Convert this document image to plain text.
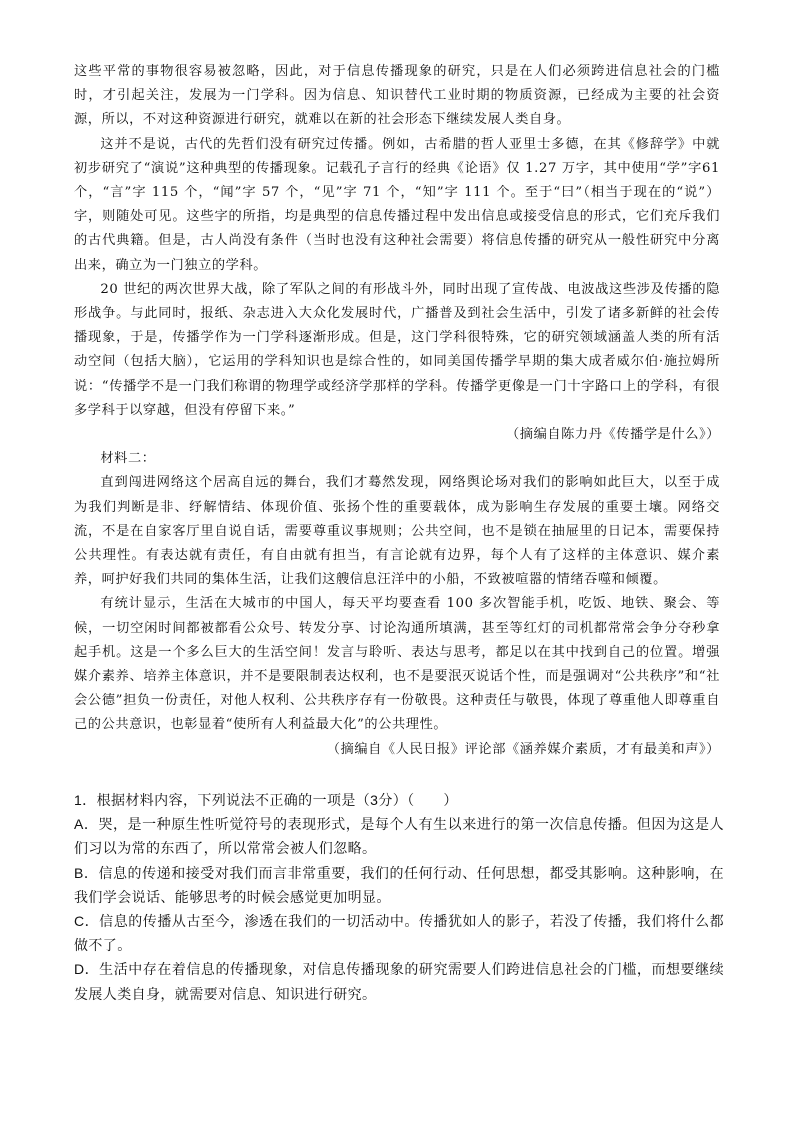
这些平常的事物很容易被忽略，因此，对于信息传播现象的研究，只是在人们必须跨进信息社会的门槛时，才引起关注，发展为一门学科。因为信息、知识替代工业时期的物质资源，已经成为主要的社会资源，所以，不对这种资源进行研究，就难以在新的社会形态下继续发展人类自身。

这并不是说，古代的先哲们没有研究过传播。例如，古希腊的哲人亚里士多德，在其《修辞学》中就初步研究了“演说”这种典型的传播现象。记载孔子言行的经典《论语》仅 1.27 万字，其中使用“学”字61 个，“言”字 115 个，“闻”字 57 个，“见”字 71 个，“知”字 111 个。至于“曰”（相当于现在的“说”）字，则随处可见。这些字的所指，均是典型的信息传播过程中发出信息或接受信息的形式，它们充斥我们的古代典籍。但是，古人尚没有条件（当时也没有这种社会需要）将信息传播的研究从一般性研究中分离出来，确立为一门独立的学科。

20 世纪的两次世界大战，除了军队之间的有形战斗外，同时出现了宣传战、电波战这些涉及传播的隐形战争。与此同时，报纸、杂志进入大众化发展时代，广播普及到社会生活中，引发了诸多新鲜的社会传播现象，于是，传播学作为一门学科逐渐形成。但是，这门学科很特殊，它的研究领域涵盖人类的所有活动空间（包括大脑），它运用的学科知识也是综合性的，如同美国传播学早期的集大成者威尔伯·施拉姆所说：“传播学不是一门我们称谓的物理学或经济学那样的学科。传播学更像是一门十字路口上的学科，有很多学科于以穿越，但没有停留下来。”

（摘编自陈力丹《传播学是什么》）

材料二：

直到闯进网络这个居高自远的舞台，我们才蓦然发现，网络舆论场对我们的影响如此巨大，以至于成为我们判断是非、纾解情结、体现价值、张扬个性的重要载体，成为影响生存发展的重要土壤。网络交流，不是在自家客厅里自说自话，需要尊重议事规则；公共空间，也不是锁在抽屉里的日记本，需要保持公共理性。有表达就有责任，有自由就有担当，有言论就有边界，每个人有了这样的主体意识、媒介素养，呵护好我们共同的集体生活，让我们这艘信息汪洋中的小船，不致被喧嚣的情绪吞噬和倾覆。

有统计显示，生活在大城市的中国人，每天平均要查看 100 多次智能手机，吃饭、地铁、聚会、等候，一切空闲时间都被都看公众号、转发分享、讨论沟通所填满，甚至等红灯的司机都常常会争分夺秒拿起手机。这是一个多么巨大的生活空间！发言与聆听、表达与思考，都足以在其中找到自己的位置。增强媒介素养、培养主体意识，并不是要限制表达权利，也不是要泯灭说话个性，而是强调对“公共秩序”和“社会公德”担负一份责任，对他人权利、公共秩序存有一份敬畏。这种责任与敬畏，体现了尊重他人即尊重自己的公共意识，也彰显着“使所有人利益最大化”的公共理性。

（摘编自《人民日报》评论部《涵养媒介素质，才有最美和声》）

1．根据材料内容，下列说法不正确的一项是（3分）（　　）

A．哭，是一种原生性听觉符号的表现形式，是每个人有生以来进行的第一次信息传播。但因为这是人们习以为常的东西了，所以常常会被人们忽略。

B．信息的传递和接受对我们而言非常重要，我们的任何行动、任何思想，都受其影响。这种影响，在我们学会说话、能够思考的时候会感觉更加明显。

C．信息的传播从古至今，渗透在我们的一切活动中。传播犹如人的影子，若没了传播，我们将什么都做不了。

D．生活中存在着信息的传播现象，对信息传播现象的研究需要人们跨进信息社会的门槛，而想要继续发展人类自身，就需要对信息、知识进行研究。
